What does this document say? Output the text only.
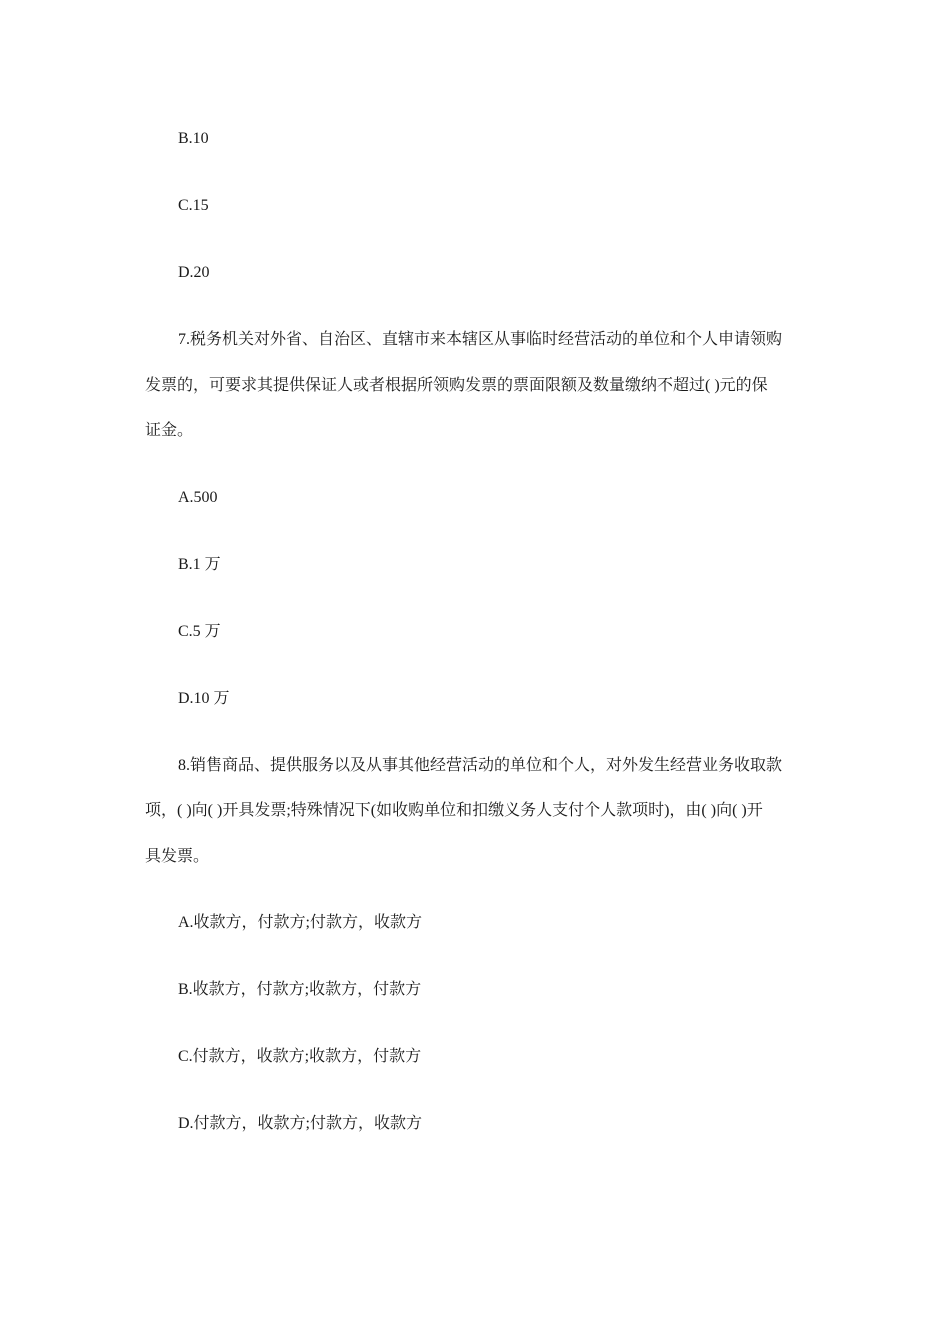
B.10
C.15
D.20
7.税务机关对外省、自治区、直辖市来本辖区从事临时经营活动的单位和个人申请领购
发票的，可要求其提供保证人或者根据所领购发票的票面限额及数量缴纳不超过( )元的保
证金。
A.500
B.1 万
C.5 万
D.10 万
8.销售商品、提供服务以及从事其他经营活动的单位和个人，对外发生经营业务收取款
项，( )向( )开具发票;特殊情况下(如收购单位和扣缴义务人支付个人款项时)，由( )向( )开
具发票。
A.收款方，付款方;付款方，收款方
B.收款方，付款方;收款方，付款方
C.付款方，收款方;收款方，付款方
D.付款方，收款方;付款方，收款方
